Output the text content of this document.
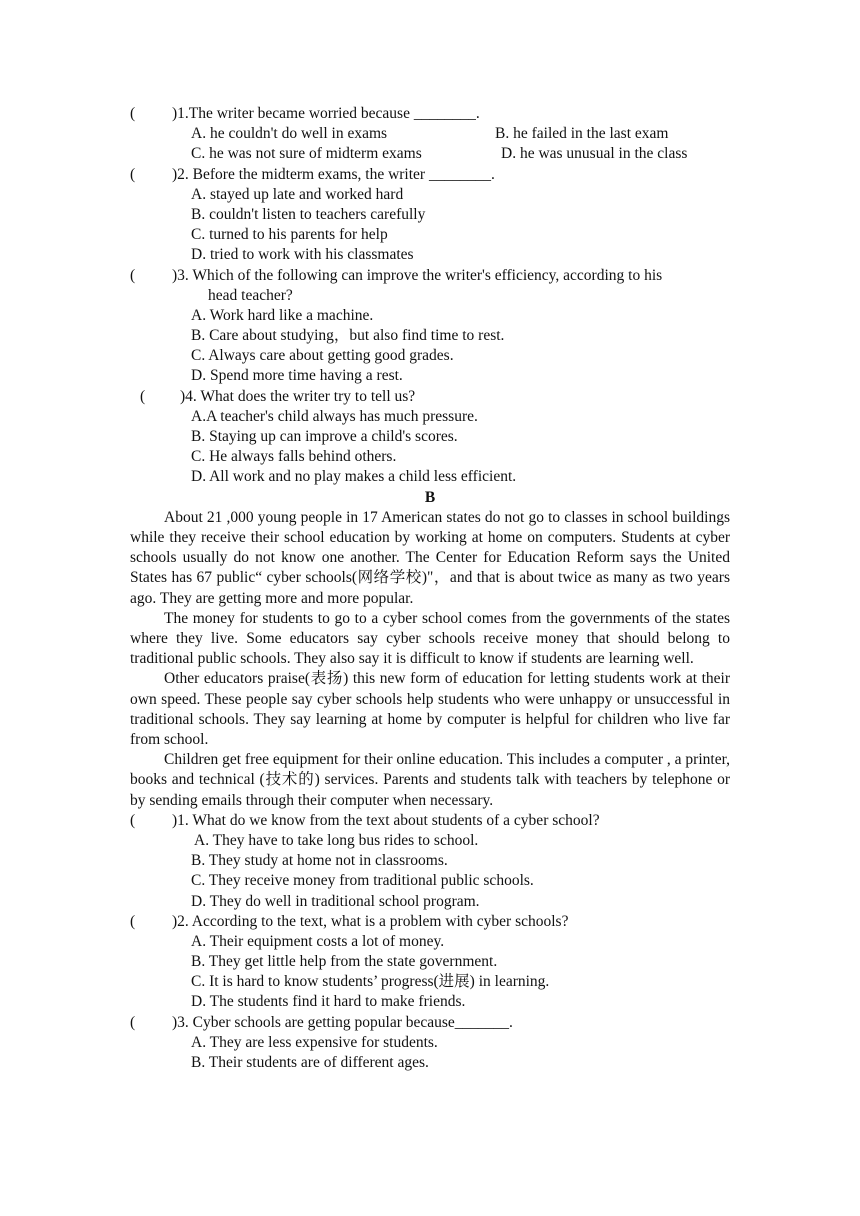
( )1.The writer became worried because ________.
A. he couldn't do well in exams	B. he failed in the last exam
C. he was not sure of midterm exams	D. he was unusual in the class
( )2. Before the midterm exams, the writer ________.
A. stayed up late and worked hard
B. couldn't listen to teachers carefully
C. turned to his parents for help
D. tried to work with his classmates
( )3. Which of the following can improve the writer's efficiency, according to his
head teacher?
A. Work hard like a machine.
B. Care about studying，but also find time to rest.
C. Always care about getting good grades.
D. Spend more time having a rest.
( )4. What does the writer try to tell us?
A.A teacher's child always has much pressure.
B. Staying up can improve a child's scores.
C. He always falls behind others.
D. All work and no play makes a child less efficient.
B
About 21 ,000 young people in 17 American states do not go to classes in school buildings while they receive their school education by working at home on computers. Students at cyber schools usually do not know one another. The Center for Education Reform says the United States has 67 public“ cyber schools(网络学校)"，and that is about twice as many as two years ago. They are getting more and more popular.
The money for students to go to a cyber school comes from the governments of the states where they live. Some educators say cyber schools receive money that should belong to traditional public schools. They also say it is difficult to know if students are learning well.
Other educators praise(表扬) this new form of education for letting students work at their own speed. These people say cyber schools help students who were unhappy or unsuccessful in traditional schools. They say learning at home by computer is helpful for children who live far from school.
Children get free equipment for their online education. This includes a computer , a printer, books and technical (技术的) services. Parents and students talk with teachers by telephone or by sending emails through their computer when necessary.
( )1. What do we know from the text about students of a cyber school?
A. They have to take long bus rides to school.
B. They study at home not in classrooms.
C. They receive money from traditional public schools.
D. They do well in traditional school program.
( )2. According to the text, what is a problem with cyber schools?
A. Their equipment costs a lot of money.
B. They get little help from the state government.
C. It is hard to know students’ progress(进展) in learning.
D. The students find it hard to make friends.
( )3. Cyber schools are getting popular because_______.
A. They are less expensive for students.
B. Their students are of different ages.
